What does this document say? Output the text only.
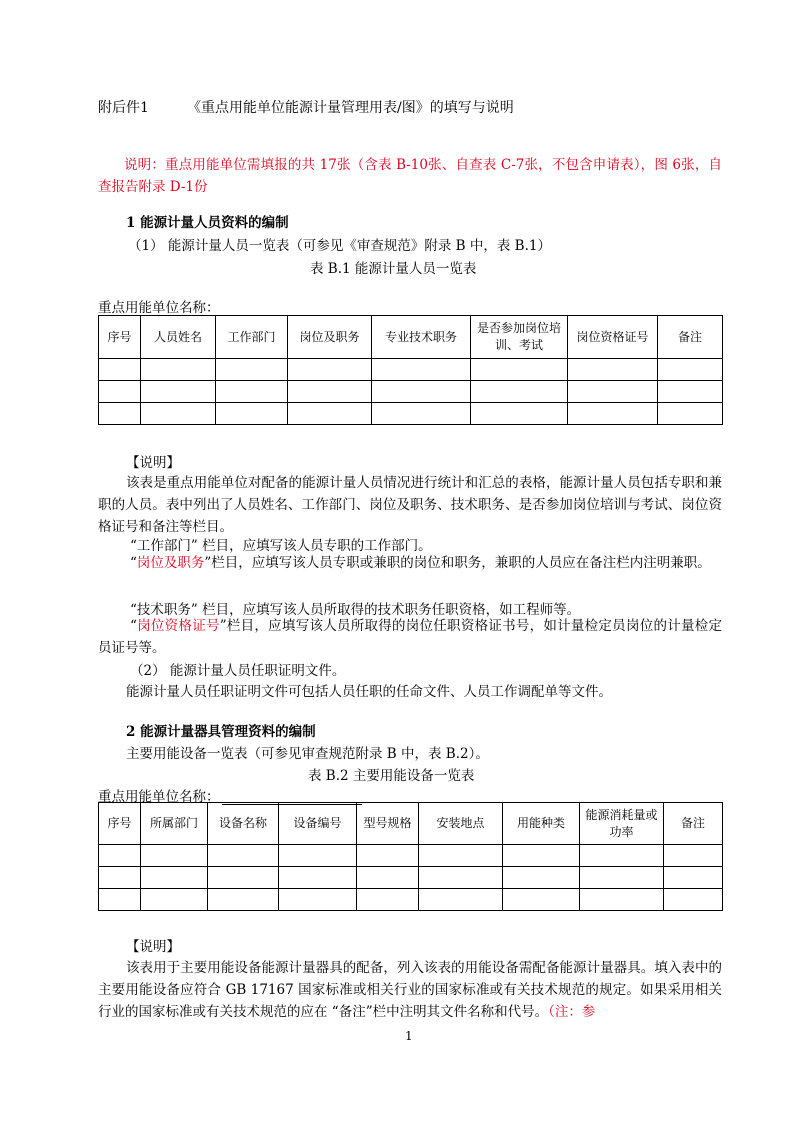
附后件1	《重点用能单位能源计量管理用表/图》的填写与说明
说明：重点用能单位需填报的共 17张（含表 B-10张、自查表 C-7张，不包含申请表），图 6张，自查报告附录 D-1份
1 能源计量人员资料的编制
（1） 能源计量人员一览表（可参见《审查规范》附录 B 中，表 B.1）
表 B.1 能源计量人员一览表
重点用能单位名称：
序号	人员姓名	工作部门	岗位及职务	专业技术职务	是否参加岗位培训、考试	岗位资格证号	备注

【说明】
该表是重点用能单位对配备的能源计量人员情况进行统计和汇总的表格，能源计量人员包括专职和兼职的人员。表中列出了人员姓名、工作部门、岗位及职务、技术职务、是否参加岗位培训与考试、岗位资格证号和备注等栏目。
“工作部门” 栏目，应填写该人员专职的工作部门。
“岗位及职务”栏目，应填写该人员专职或兼职的岗位和职务，兼职的人员应在备注栏内注明兼职。
“技术职务” 栏目，应填写该人员所取得的技术职务任职资格，如工程师等。
“岗位资格证号”栏目，应填写该人员所取得的岗位任职资格证书号，如计量检定员岗位的计量检定员证号等。
（2） 能源计量人员任职证明文件。
能源计量人员任职证明文件可包括人员任职的任命文件、人员工作调配单等文件。
2 能源计量器具管理资料的编制
主要用能设备一览表（可参见审查规范附录 B 中，表 B.2）。
表 B.2 主要用能设备一览表
重点用能单位名称：
序号	所属部门	设备名称	设备编号	型号规格	安装地点	用能种类	能源消耗量或功率	备注

【说明】
该表用于主要用能设备能源计量器具的配备，列入该表的用能设备需配备能源计量器具。填入表中的主要用能设备应符合 GB 17167 国家标准或相关行业的国家标准或有关技术规范的规定。如果采用相关行业的国家标准或有关技术规范的应在 “备注”栏中注明其文件名称和代号。（注：参
1
